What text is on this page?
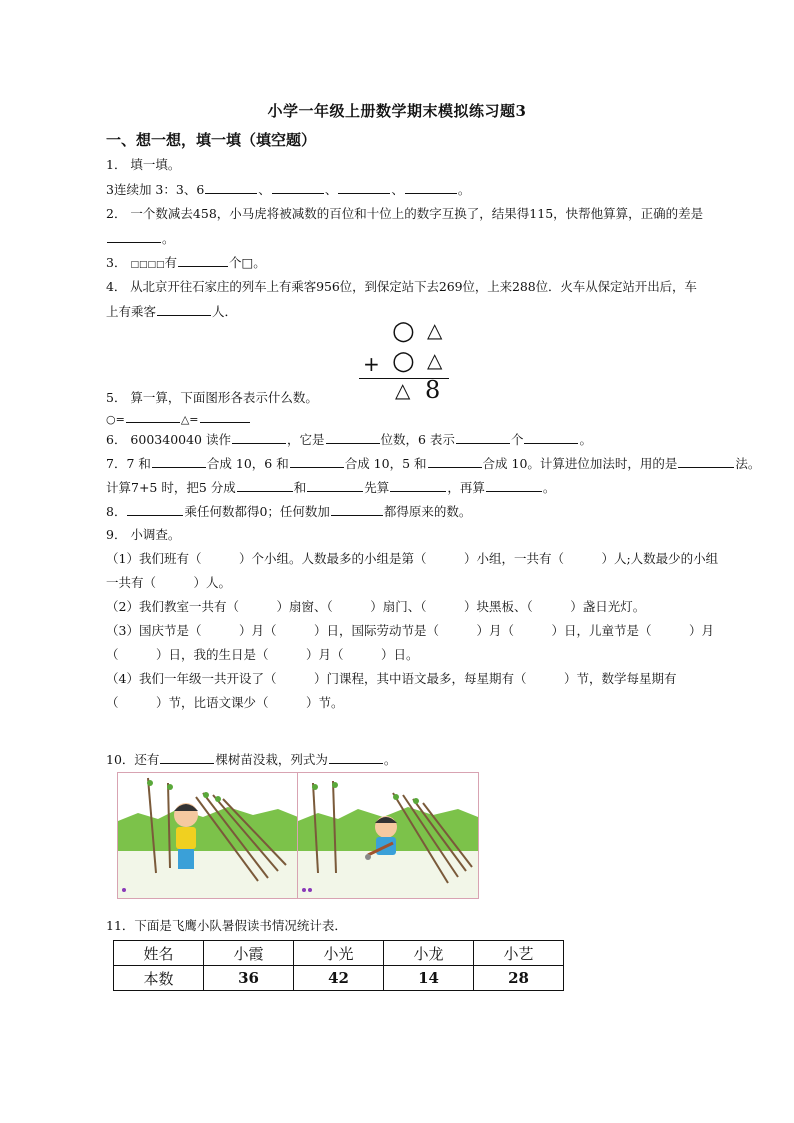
小学一年级上册数学期末模拟练习题3
一、想一想，填一填（填空题）
1． 填一填。
3连续加 3：3、6	、	、	、	。
2． 一个数减去458，小马虎将被减数的百位和十位上的数字互换了，结果得115，快帮他算算，正确的差是
。
3． □□□□有	个□。
4． 从北京开往石家庄的列车上有乘客956位，到保定站下去269位，上来288位．火车从保定站开出后，车
上有乘客	人．
○ △
+ ○ △
△ 8
5． 算一算，下面图形各表示什么数。
○=	△=
6． 600340040 读作	，它是	位数，6 表示	个	。
7．7 和	合成 10，6 和	合成 10，5 和	合成 10。计算进位加法时，用的是	法。
计算7+5 时，把5 分成	和	先算	，再算	。
8．	乘任何数都得0；任何数加	都得原来的数。
9． 小调查。
（1）我们班有（　　　）个小组。人数最多的小组是第（　　　）小组，一共有（　　　）人;人数最少的小组
一共有（　　　）人。
（2）我们教室一共有（　　　）扇窗、（　　　）扇门、（　　　）块黑板、（　　　）盏日光灯。
（3）国庆节是（　　　）月（　　　）日，国际劳动节是（　　　）月（　　　）日，儿童节是（　　　）月
（　　　）日，我的生日是（　　　）月（　　　）日。
（4）我们一年级一共开设了（　　　）门课程，其中语文最多，每星期有（　　　）节，数学每星期有
（　　　）节，比语文课少（　　　）节。
10．还有	棵树苗没栽，列式为	。
11．下面是飞鹰小队暑假读书情况统计表．
姓名	小霞	小光	小龙	小艺
本数	36	42	14	28
